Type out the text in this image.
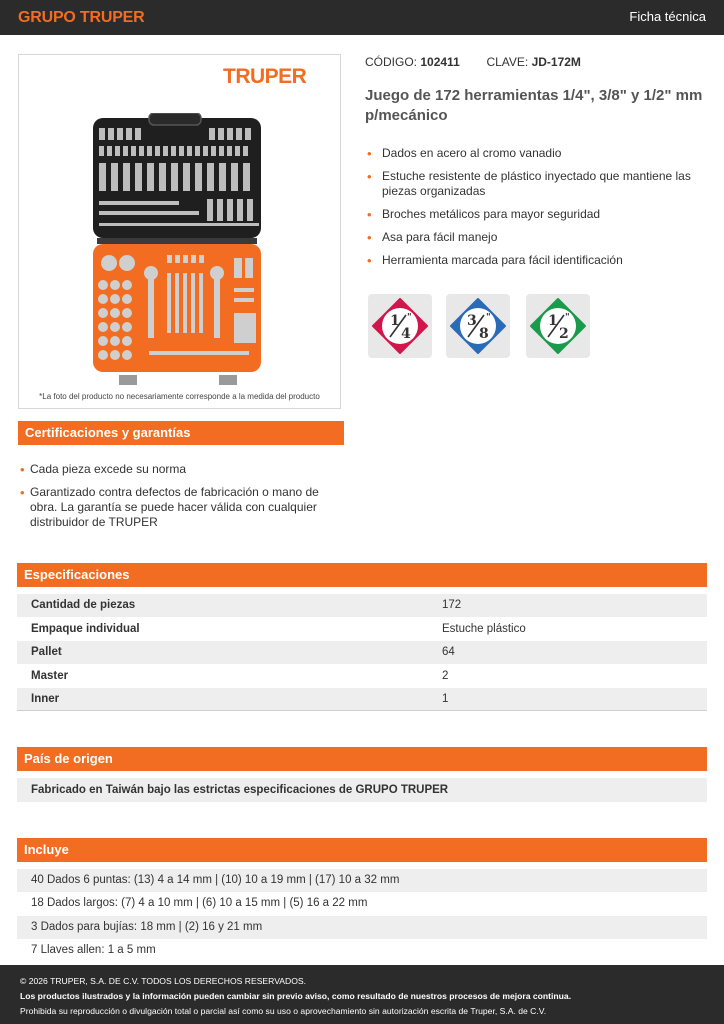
GRUPO TRUPER	Ficha técnica
TRUPER
*La foto del producto no necesariamente corresponde a la medida del producto
CÓDIGO: 102411 CLAVE: JD-172M
Juego de 172 herramientas 1/4", 3/8" y 1/2" mm p/mecánico
• Dados en acero al cromo vanadio
• Estuche resistente de plástico inyectado que mantiene las piezas organizadas
• Broches metálicos para mayor seguridad
• Asa para fácil manejo
• Herramienta marcada para fácil identificación
1
4
"	3
8
"	1
2
"
Certificaciones y garantías
• Cada pieza excede su norma
• Garantizado contra defectos de fabricación o mano de obra. La garantía se puede hacer válida con cualquier distribuidor de TRUPER
Especificaciones
Cantidad de piezas	172
Empaque individual	Estuche plástico
Pallet	64
Master	2
Inner	1
País de origen
Fabricado en Taiwán bajo las estrictas especificaciones de GRUPO TRUPER
Incluye
40 Dados 6 puntas: (13) 4 a 14 mm | (10) 10 a 19 mm | (17) 10 a 32 mm
18 Dados largos: (7) 4 a 10 mm | (6) 10 a 15 mm | (5) 16 a 22 mm
3 Dados para bujías: 18 mm | (2) 16 y 21 mm
7 Llaves allen: 1 a 5 mm
© 2026 TRUPER, S.A. DE C.V. TODOS LOS DERECHOS RESERVADOS.
Los productos ilustrados y la información pueden cambiar sin previo aviso, como resultado de nuestros procesos de mejora continua.
Prohibida su reproducción o divulgación total o parcial así como su uso o aprovechamiento sin autorización escrita de Truper, S.A. de C.V.
